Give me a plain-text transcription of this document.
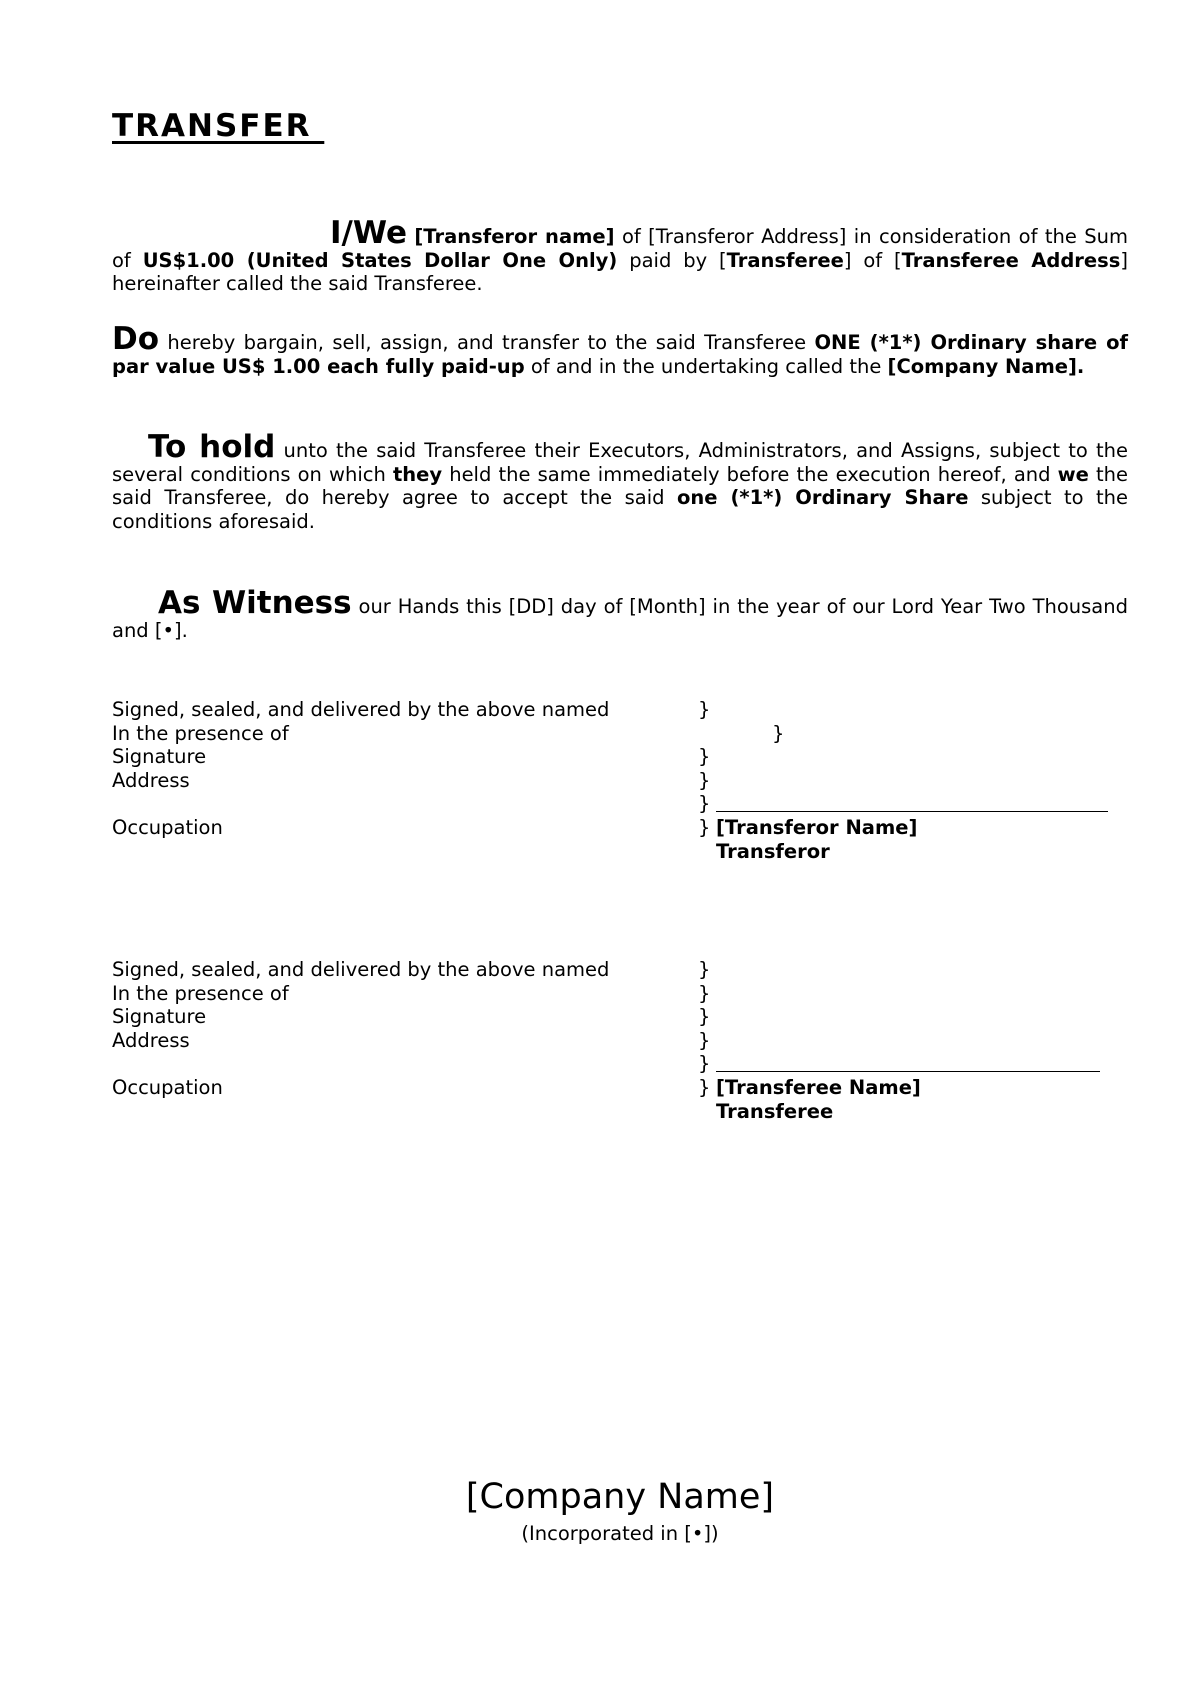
TRANSFER
I/We [Transferor name] of [Transferor Address] in consideration of the Sum of US$1.00 (United States Dollar One Only) paid by [Transferee] of [Transferee Address] hereinafter called the said Transferee.
Do hereby bargain, sell, assign, and transfer to the said Transferee ONE (*1*) Ordinary share of par value US$ 1.00 each fully paid-up of and in the undertaking called the [Company Name].
To hold unto the said Transferee their Executors, Administrators, and Assigns, subject to the several conditions on which they held the same immediately before the execution hereof, and we the said Transferee, do hereby agree to accept the said one (*1*) Ordinary Share subject to the conditions aforesaid.
As Witness our Hands this [DD] day of [Month] in the year of our Lord Year Two Thousand and [•].
Signed, sealed, and delivered by the above named	}
In the presence of	}
Signature	}
Address	}
}
Occupation	} [Transferor Name]
Transferor
Signed, sealed, and delivered by the above named	}
In the presence of	}
Signature	}
Address	}
}
Occupation	} [Transferee Name]
Transferee
[Company Name]
(Incorporated in [•])
